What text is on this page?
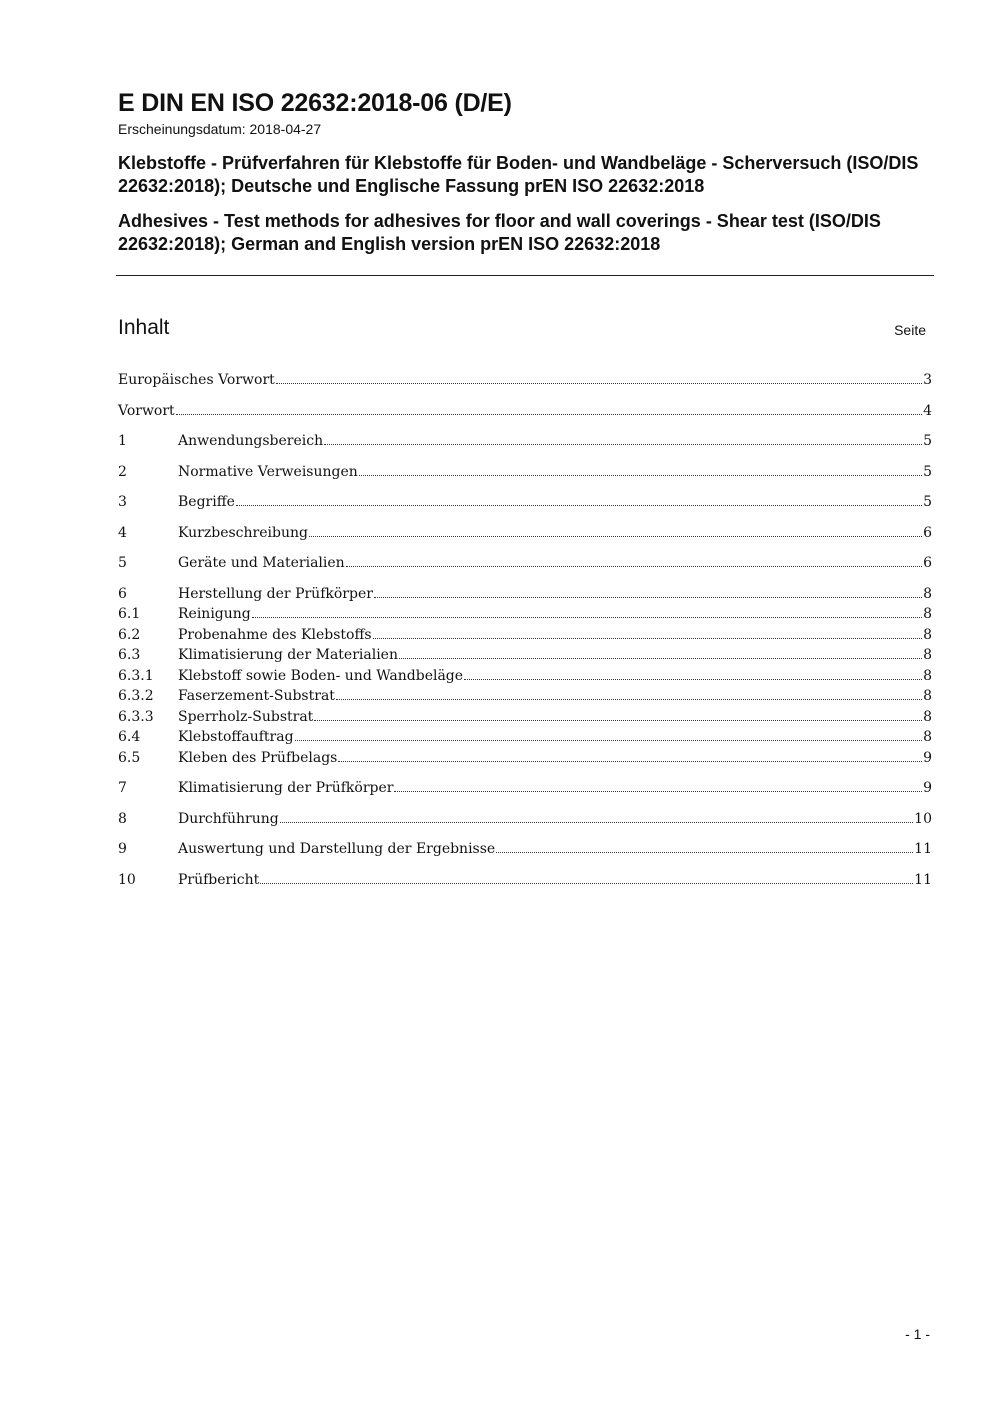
E DIN EN ISO 22632:2018-06 (D/E)
Erscheinungsdatum: 2018-04-27
Klebstoffe - Prüfverfahren für Klebstoffe für Boden- und Wandbeläge - Scherversuch (ISO/DIS 22632:2018); Deutsche und Englische Fassung prEN ISO 22632:2018
Adhesives - Test methods for adhesives for floor and wall coverings - Shear test (ISO/DIS 22632:2018); German and English version prEN ISO 22632:2018
Inhalt	Seite
Europäisches Vorwort	3
Vorwort	4
1	Anwendungsbereich	5
2	Normative Verweisungen	5
3	Begriffe	5
4	Kurzbeschreibung	6
5	Geräte und Materialien	6
6	Herstellung der Prüfkörper	8
6.1	Reinigung	8
6.2	Probenahme des Klebstoffs	8
6.3	Klimatisierung der Materialien	8
6.3.1	Klebstoff sowie Boden- und Wandbeläge	8
6.3.2	Faserzement-Substrat	8
6.3.3	Sperrholz-Substrat	8
6.4	Klebstoffauftrag	8
6.5	Kleben des Prüfbelags	9
7	Klimatisierung der Prüfkörper	9
8	Durchführung	10
9	Auswertung und Darstellung der Ergebnisse	11
10	Prüfbericht	11
- 1 -
